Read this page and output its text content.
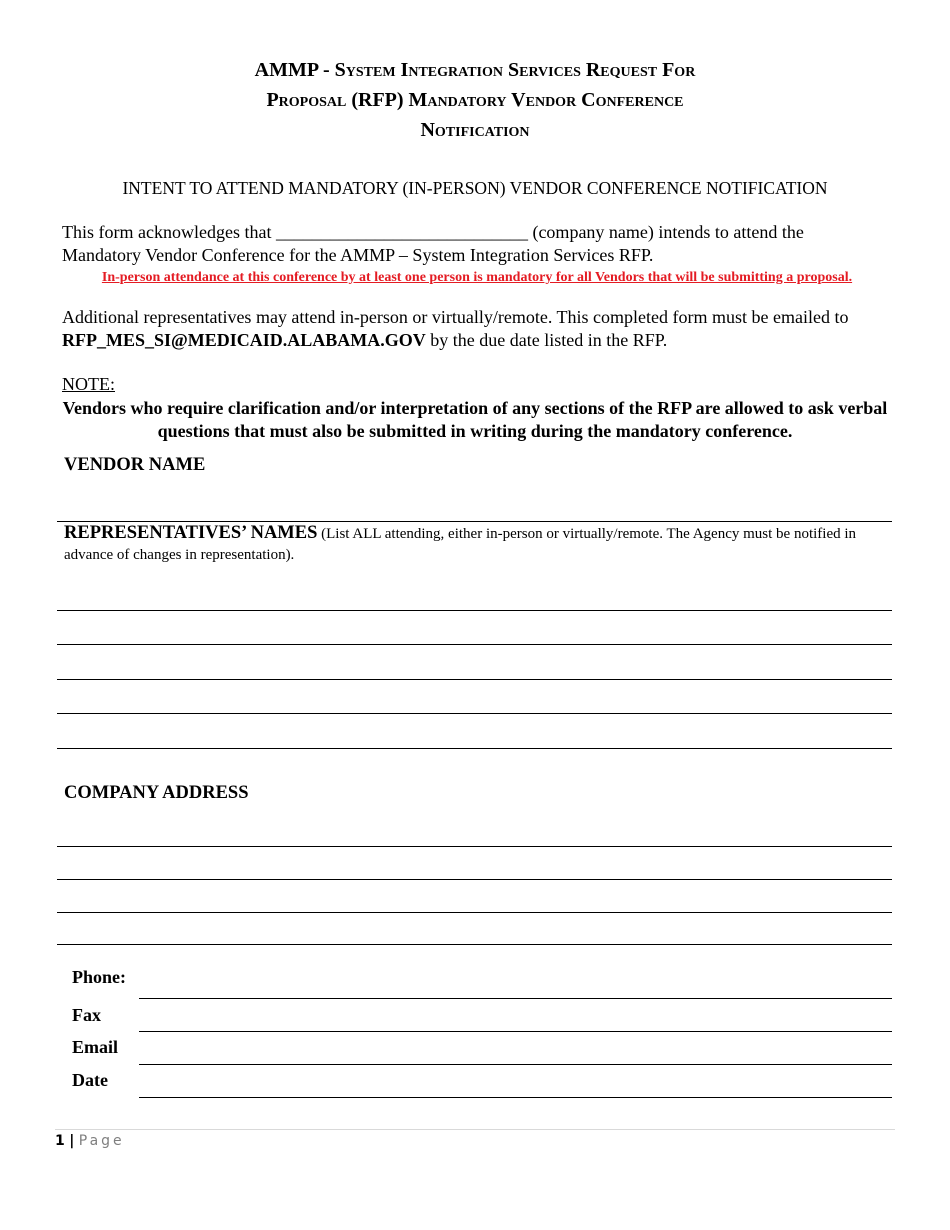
AMMP - System Integration Services Request For
Proposal (RFP) Mandatory Vendor Conference
Notification
INTENT TO ATTEND MANDATORY (IN-PERSON) VENDOR CONFERENCE NOTIFICATION
This form acknowledges that ____________________________ (company name) intends to attend the
Mandatory Vendor Conference for the AMMP – System Integration Services RFP.
In-person attendance at this conference by at least one person is mandatory for all Vendors that will be submitting a proposal.
Additional representatives may attend in-person or virtually/remote. This completed form must be emailed to
RFP_MES_SI@MEDICAID.ALABAMA.GOV by the due date listed in the RFP.
NOTE:
Vendors who require clarification and/or interpretation of any sections of the RFP are allowed to ask verbal questions that must also be submitted in writing during the mandatory conference.
VENDOR NAME
REPRESENTATIVES’ NAMES (List ALL attending, either in-person or virtually/remote. The Agency must be notified in advance of changes in representation).
COMPANY ADDRESS
Phone:
Fax
Email
Date
1 | Page
